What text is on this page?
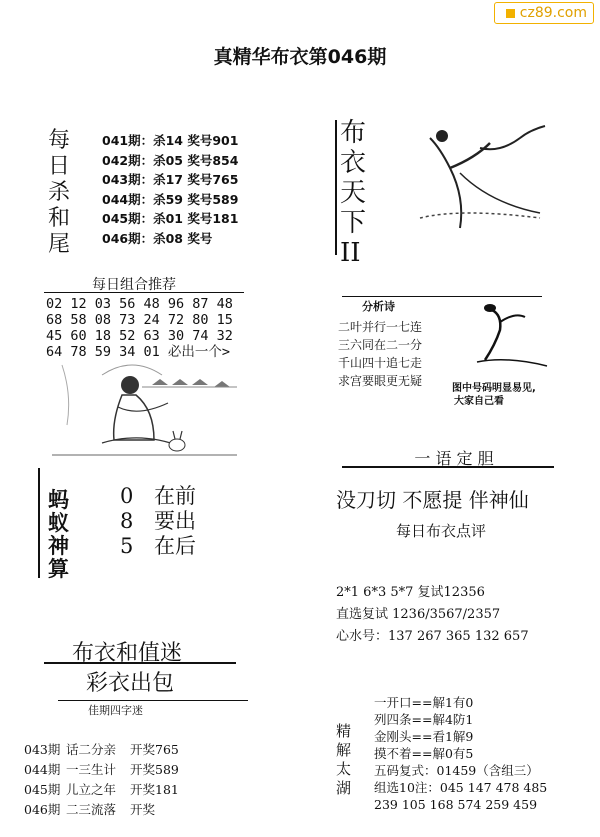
cz89.com
真精华布衣第046期
每
日
杀
和
尾
041期：杀14 奖号901
042期：杀05 奖号854
043期：杀17 奖号765
044期：杀59 奖号589
045期：杀01 奖号181
046期：杀08 奖号
每日组合推荐
02 12 03 56 48 96 87 48
68 58 08 73 24 72 80 15
45 60 18 52 63 30 74 32
64 78 59 34 01 必出一个>
蚂
蚁
神
算
0 在前
8 要出
5 在后
布衣和值迷
彩衣出包
佳期四字迷
043期 话二分亲 开奖765
044期 一三生计 开奖589
045期 儿立之年 开奖181
046期 二三流落 开奖
布
衣
天
下
II
分析诗
二叶并行一七连
三六同在二一分
千山四十追七走
求宫要眼更无疑
图中号码明显易见,
大家自己看
一 语 定 胆
没刀切 不愿提 伴神仙
每日布衣点评
2*1 6*3 5*7 复试12356
直选复试 1236/3567/2357
心水号：137 267 365 132 657
精
解
太
湖
一开口==解1有0
列四条==解4防1
金刚头==看1解9
摸不着==解0有5
五码复式：01459（含组三）
组选10注：045 147 478 485
239 105 168 574 259 459
